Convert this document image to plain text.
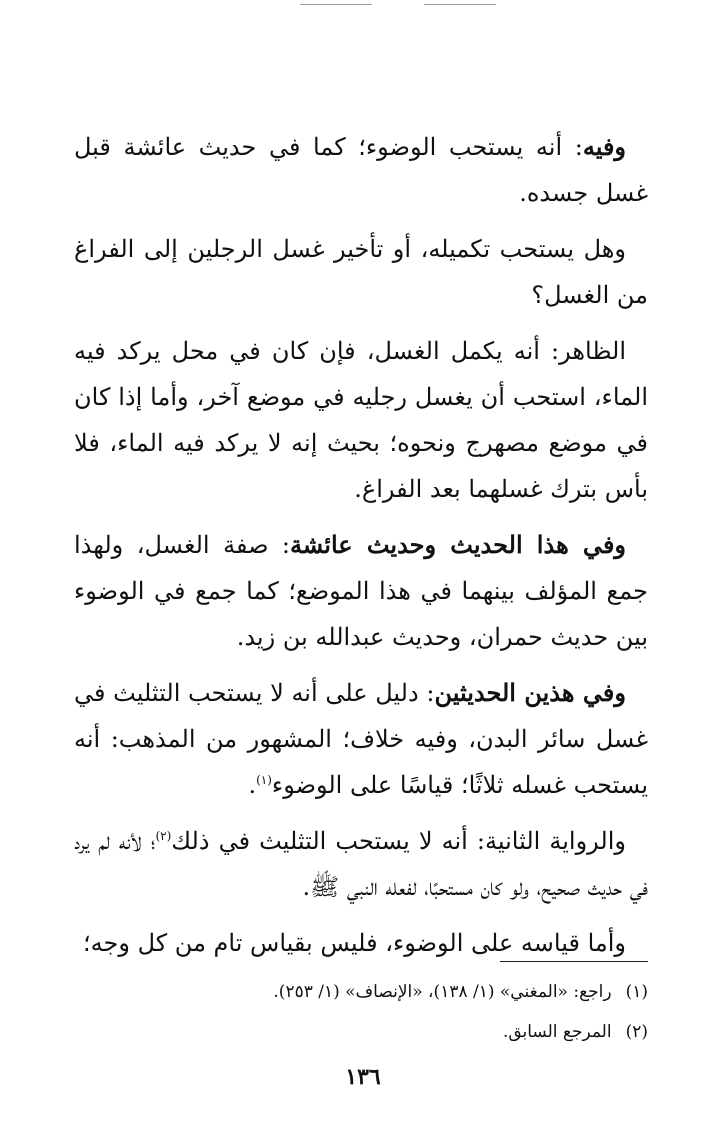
وفيه: أنه يستحب الوضوء؛ كما في حديث عائشة قبل غسل جسده.

وهل يستحب تكميله، أو تأخير غسل الرجلين إلى الفراغ من الغسل؟

الظاهر: أنه يكمل الغسل، فإن كان في محل يركد فيه الماء، استحب أن يغسل رجليه في موضع آخر، وأما إذا كان في موضع مصهرج ونحوه؛ بحيث إنه لا يركد فيه الماء، فلا بأس بترك غسلهما بعد الفراغ.

وفي هذا الحديث وحديث عائشة: صفة الغسل، ولهذا جمع المؤلف بينهما في هذا الموضع؛ كما جمع في الوضوء بين حديث حمران، وحديث عبدالله بن زيد.

وفي هذين الحديثين: دليل على أنه لا يستحب التثليث في غسل سائر البدن، وفيه خلاف؛ المشهور من المذهب: أنه يستحب غسله ثلاثًا؛ قياسًا على الوضوء$^{(١)}$.

والرواية الثانية: أنه لا يستحب التثليث في ذلك$^{(٢)}$؛ لأنه لم يرد في حديث صحيح، ولو كان مستحبًا، لفعله النبي ﷺ.

وأما قياسه على الوضوء، فليس بقياس تام من كل وجه؛

(١)راجع: «المغني» (١/ ١٣٨)، «الإنصاف» (١/ ٢٥٣).
(٢)المرجع السابق.
١٣٦
